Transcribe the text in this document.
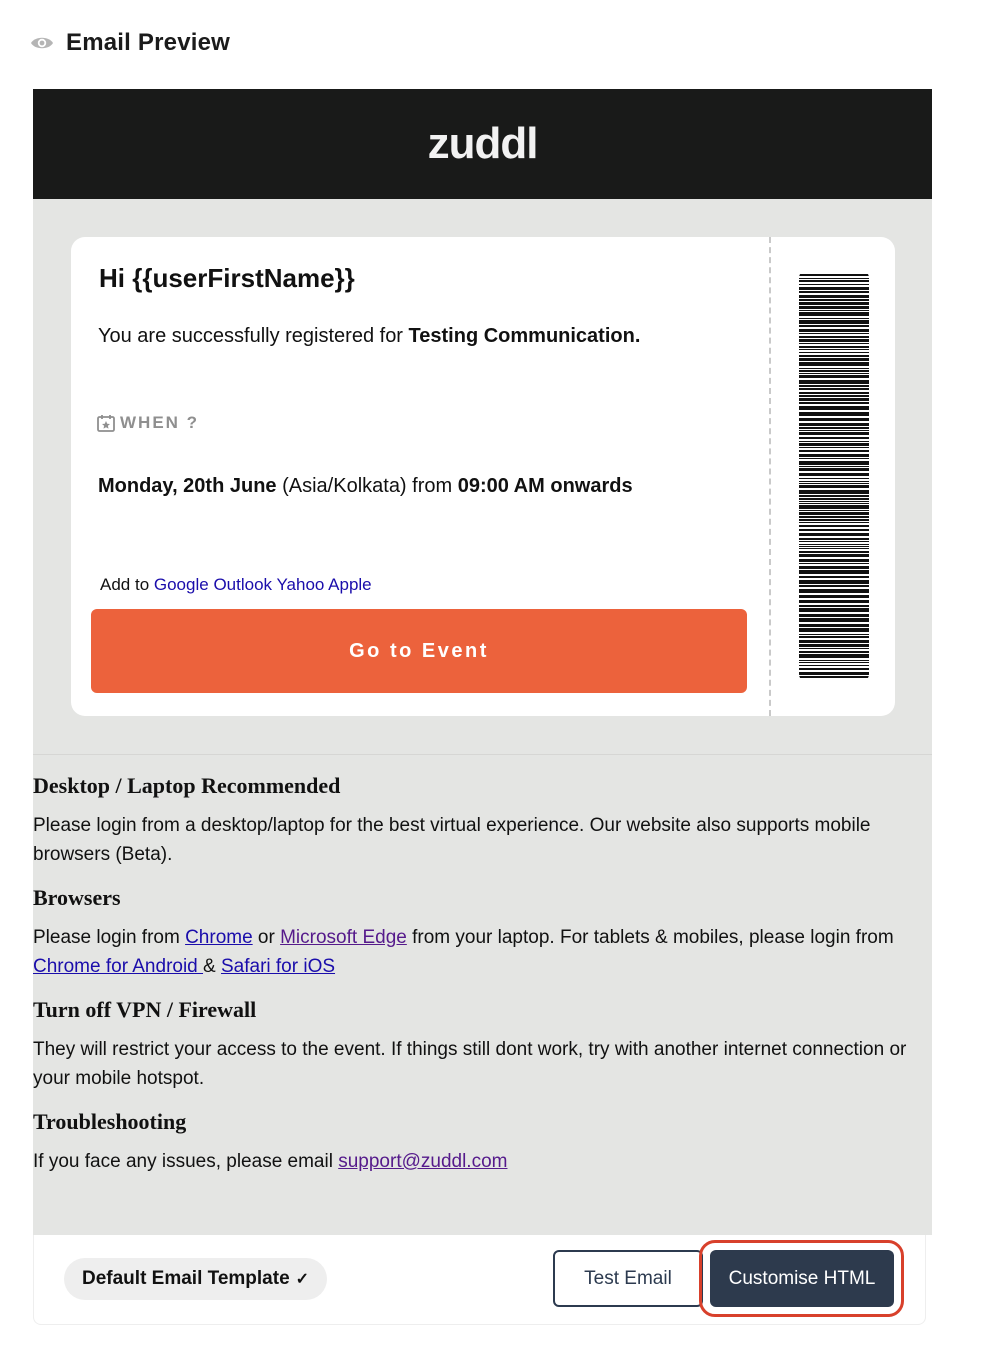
Email Preview
zuddl
Hi {{userFirstName}}
You are successfully registered for Testing Communication.
WHEN ?
Monday, 20th June (Asia/Kolkata) from 09:00 AM onwards
Add to Google Outlook Yahoo Apple
Go to Event
Desktop / Laptop Recommended

Please login from a desktop/laptop for the best virtual experience. Our website also supports mobile browsers (Beta).

Browsers

Please login from Chrome or Microsoft Edge from your laptop. For tablets & mobiles, please login from Chrome for Android & Safari for iOS

Turn off VPN / Firewall

They will restrict your access to the event. If things still dont work, try with another internet connection or your mobile hotspot.

Troubleshooting

If you face any issues, please email support@zuddl.com

Default Email Template ✓	Test Email	Customise HTML
